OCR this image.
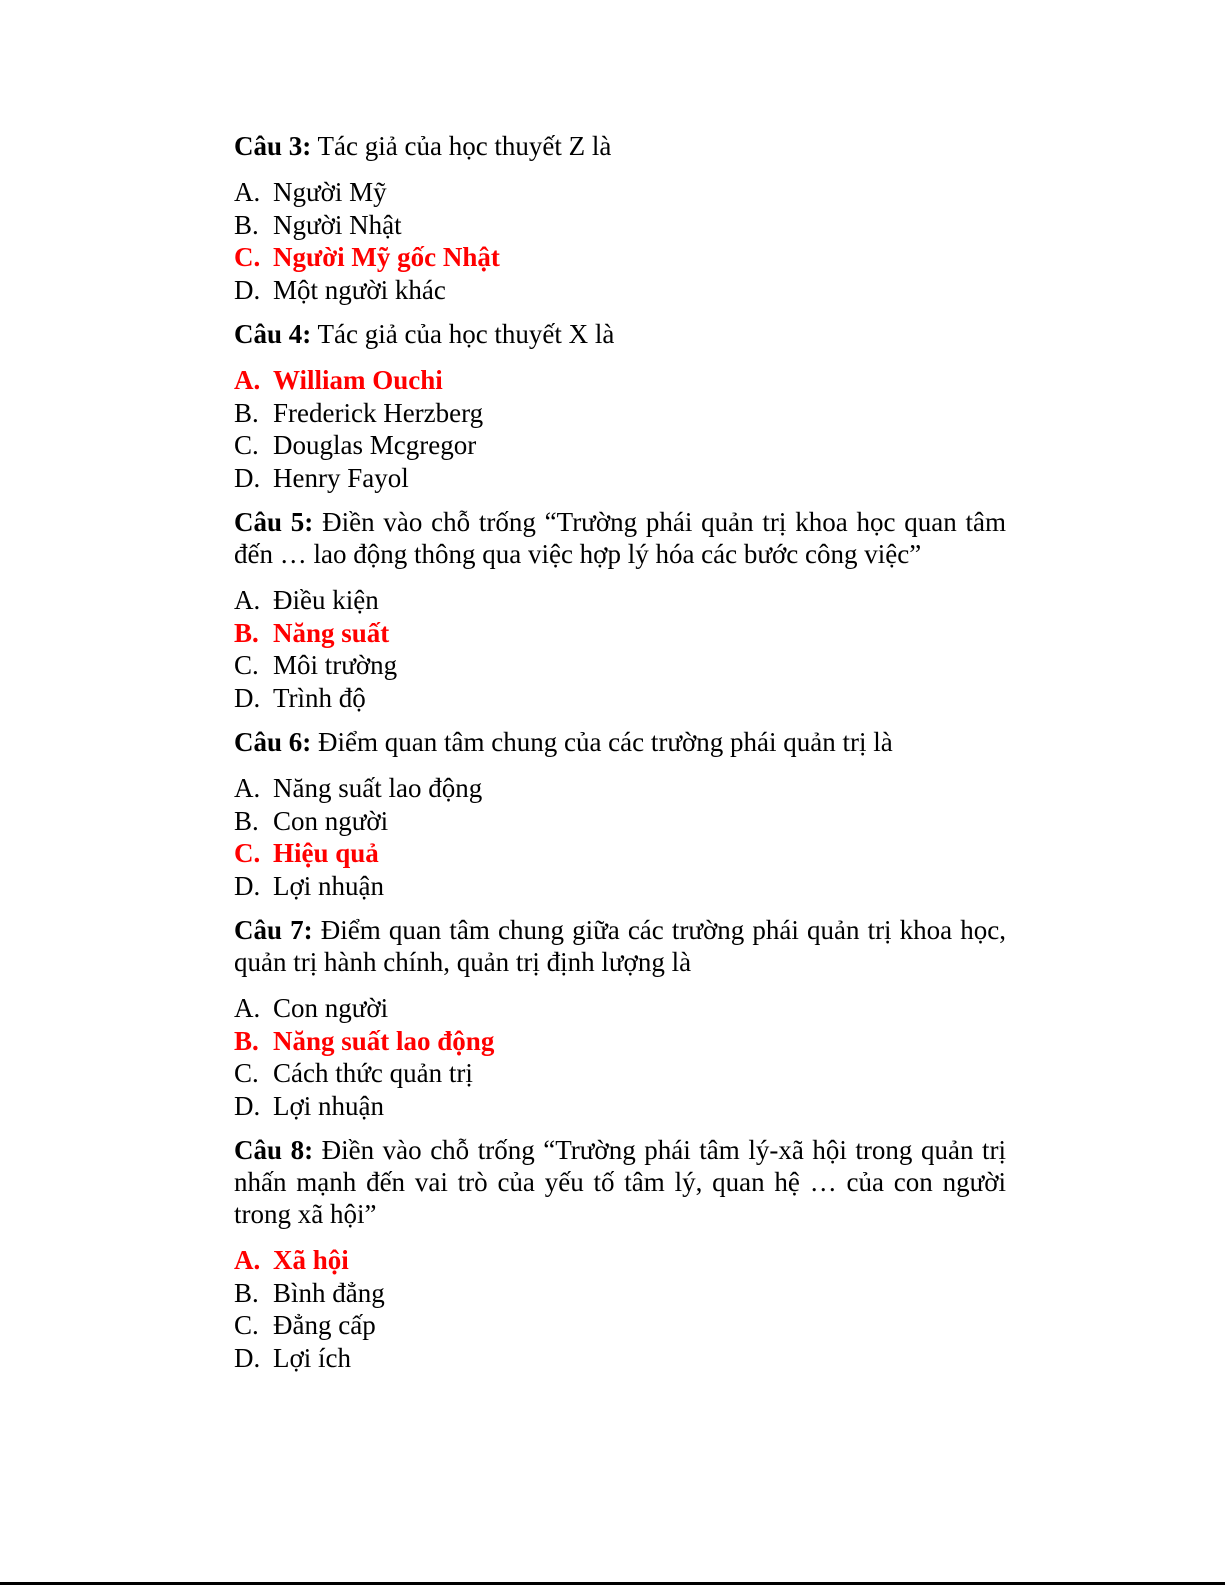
Câu 3: Tác giả của học thuyết Z là

A. Người Mỹ
B. Người Nhật
C. Người Mỹ gốc Nhật
D. Một người khác

Câu 4: Tác giả của học thuyết X là

A. William Ouchi
B. Frederick Herzberg
C. Douglas Mcgregor
D. Henry Fayol

Câu 5: Điền vào chỗ trống “Trường phái quản trị khoa học quan tâm đến … lao động thông qua việc hợp lý hóa các bước công việc”

A. Điều kiện
B. Năng suất
C. Môi trường
D. Trình độ

Câu 6: Điểm quan tâm chung của các trường phái quản trị là

A. Năng suất lao động
B. Con người
C. Hiệu quả
D. Lợi nhuận

Câu 7: Điểm quan tâm chung giữa các trường phái quản trị khoa học, quản trị hành chính, quản trị định lượng là

A. Con người
B. Năng suất lao động
C. Cách thức quản trị
D. Lợi nhuận

Câu 8: Điền vào chỗ trống “Trường phái tâm lý-xã hội trong quản trị nhấn mạnh đến vai trò của yếu tố tâm lý, quan hệ … của con người trong xã hội”

A. Xã hội
B. Bình đẳng
C. Đẳng cấp
D. Lợi ích
